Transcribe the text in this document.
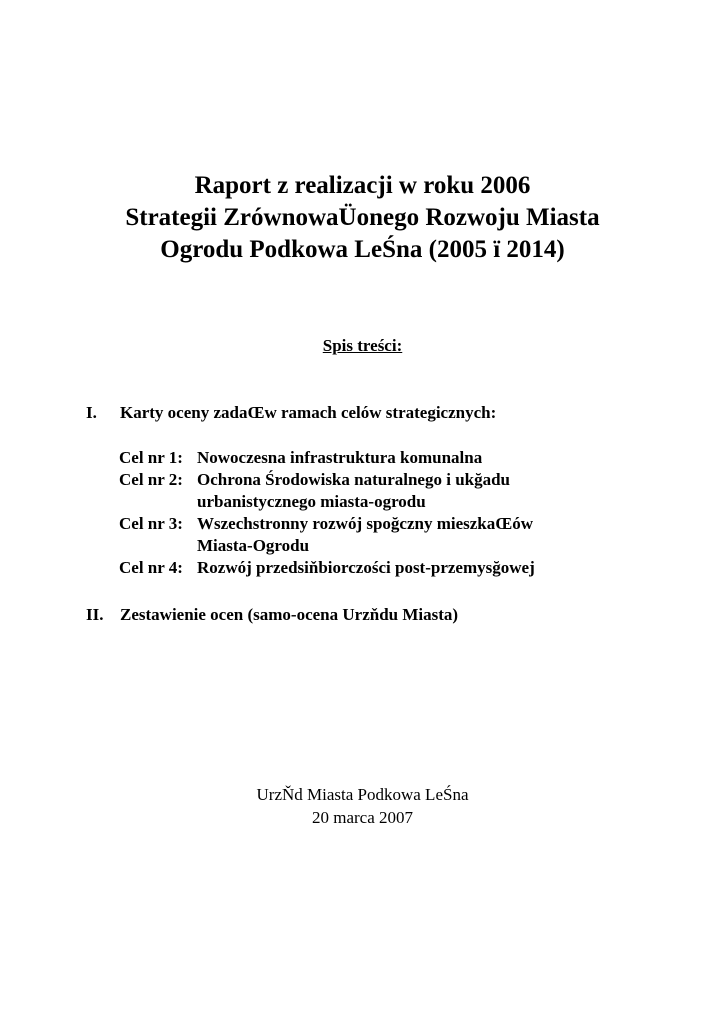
Raport z realizacji w roku 2006
Strategii ZrównowaÜonego Rozwoju Miasta
Ogrodu Podkowa LeŚna (2005 ï 2014)
Spis treści:
I. Karty oceny zadaŒw ramach celów strategicznych:
Cel nr 1: Nowoczesna infrastruktura komunalna
Cel nr 2: Ochrona Środowiska naturalnego i ukğadu
urbanistycznego miasta-ogrodu
Cel nr 3: Wszechstronny rozwój spoğczny mieszkaŒów
Miasta-Ogrodu
Cel nr 4: Rozwój przedsiňbiorczości post-przemysğowej
II. Zestawienie ocen (samo-ocena Urzňdu Miasta)
UrzŇd Miasta Podkowa LeŚna
20 marca 2007
